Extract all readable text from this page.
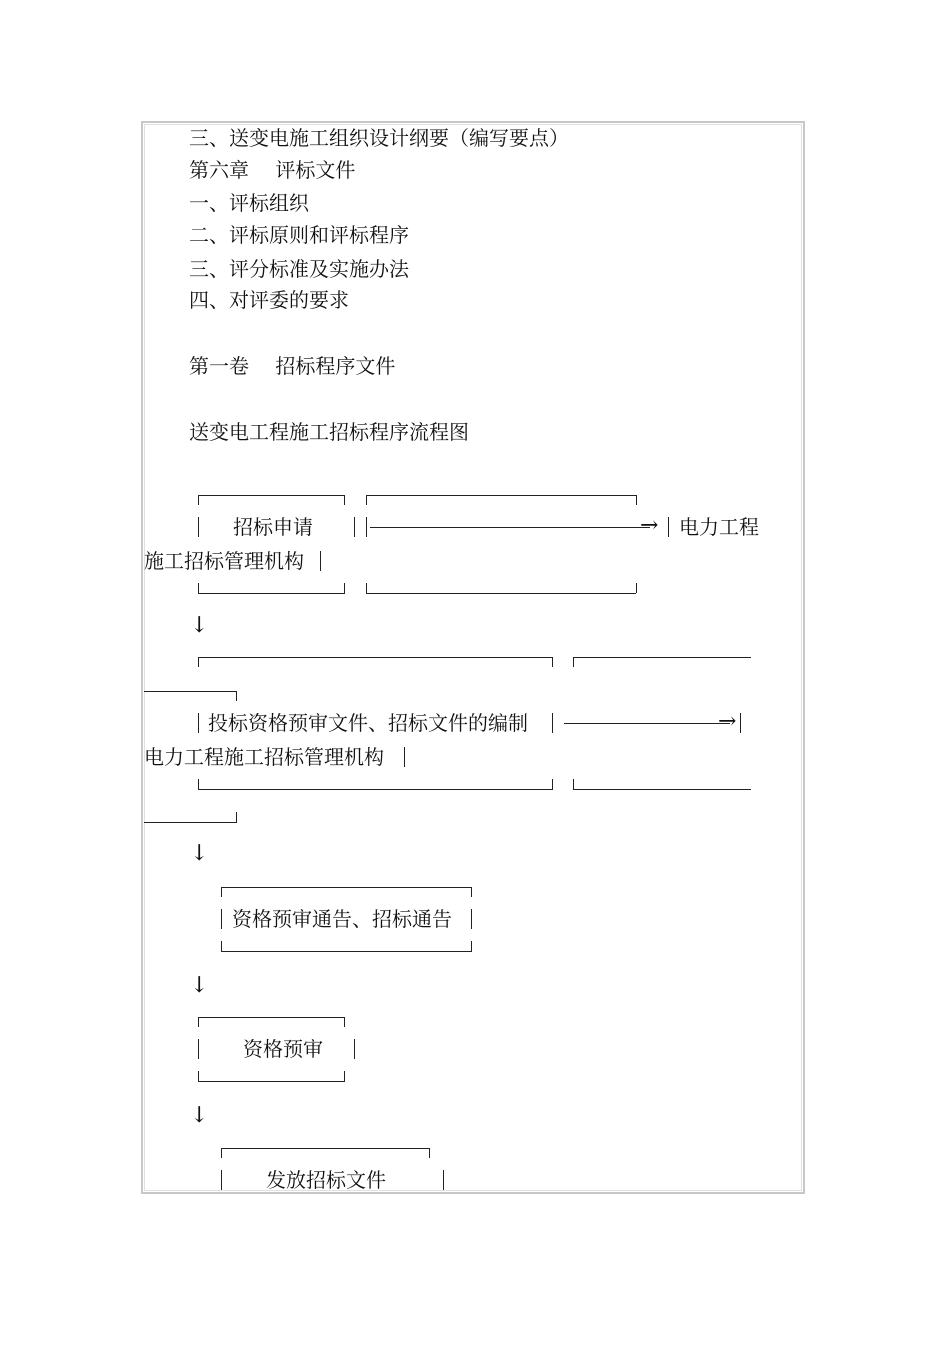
三、送变电施工组织设计纲要（编写要点）
第六章　 评标文件
一、评标组织
二、评标原则和评标程序
三、评分标准及实施办法
四、对评委的要求
第一卷　 招标程序文件
送变电工程施工招标程序流程图
招标申请	→ 电力工程
施工招标管理机构
↓
投标资格预审文件、招标文件的编制	→
电力工程施工招标管理机构
↓
资格预审通告、招标通告
↓
资格预审
↓
发放招标文件
